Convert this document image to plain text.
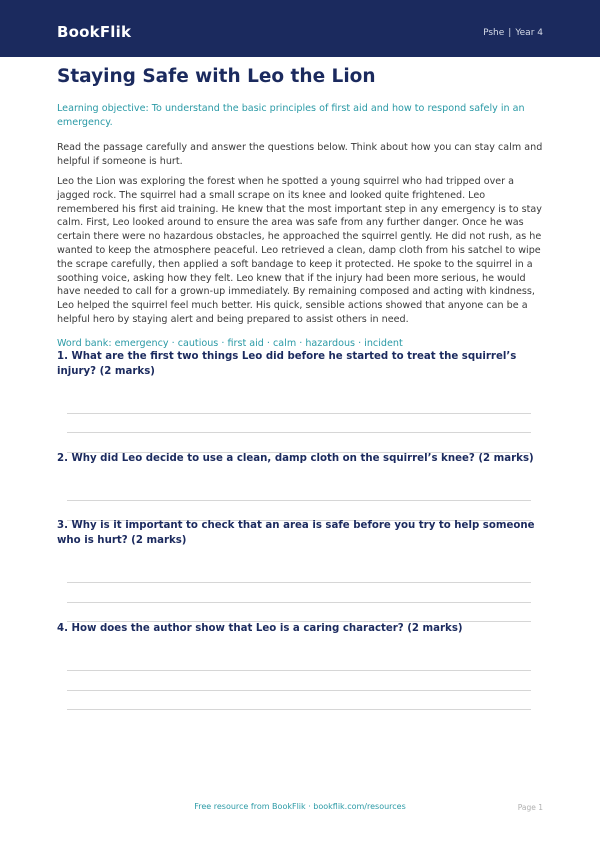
BookFlik	Pshe | Year 4
Staying Safe with Leo the Lion
Learning objective: To understand the basic principles of first aid and how to respond safely in an emergency.
Read the passage carefully and answer the questions below. Think about how you can stay calm and helpful if someone is hurt.
Leo the Lion was exploring the forest when he spotted a young squirrel who had tripped over a jagged rock. The squirrel had a small scrape on its knee and looked quite frightened. Leo remembered his first aid training. He knew that the most important step in any emergency is to stay calm. First, Leo looked around to ensure the area was safe from any further danger. Once he was certain there were no hazardous obstacles, he approached the squirrel gently. He did not rush, as he wanted to keep the atmosphere peaceful. Leo retrieved a clean, damp cloth from his satchel to wipe the scrape carefully, then applied a soft bandage to keep it protected. He spoke to the squirrel in a soothing voice, asking how they felt. Leo knew that if the injury had been more serious, he would have needed to call for a grown-up immediately. By remaining composed and acting with kindness, Leo helped the squirrel feel much better. His quick, sensible actions showed that anyone can be a helpful hero by staying alert and being prepared to assist others in need.
Word bank: emergency · cautious · first aid · calm · hazardous · incident
1. What are the first two things Leo did before he started to treat the squirrel’s injury? (2 marks)
2. Why did Leo decide to use a clean, damp cloth on the squirrel’s knee? (2 marks)
3. Why is it important to check that an area is safe before you try to help someone who is hurt? (2 marks)
4. How does the author show that Leo is a caring character? (2 marks)
Free resource from BookFlik · bookflik.com/resources	Page 1
